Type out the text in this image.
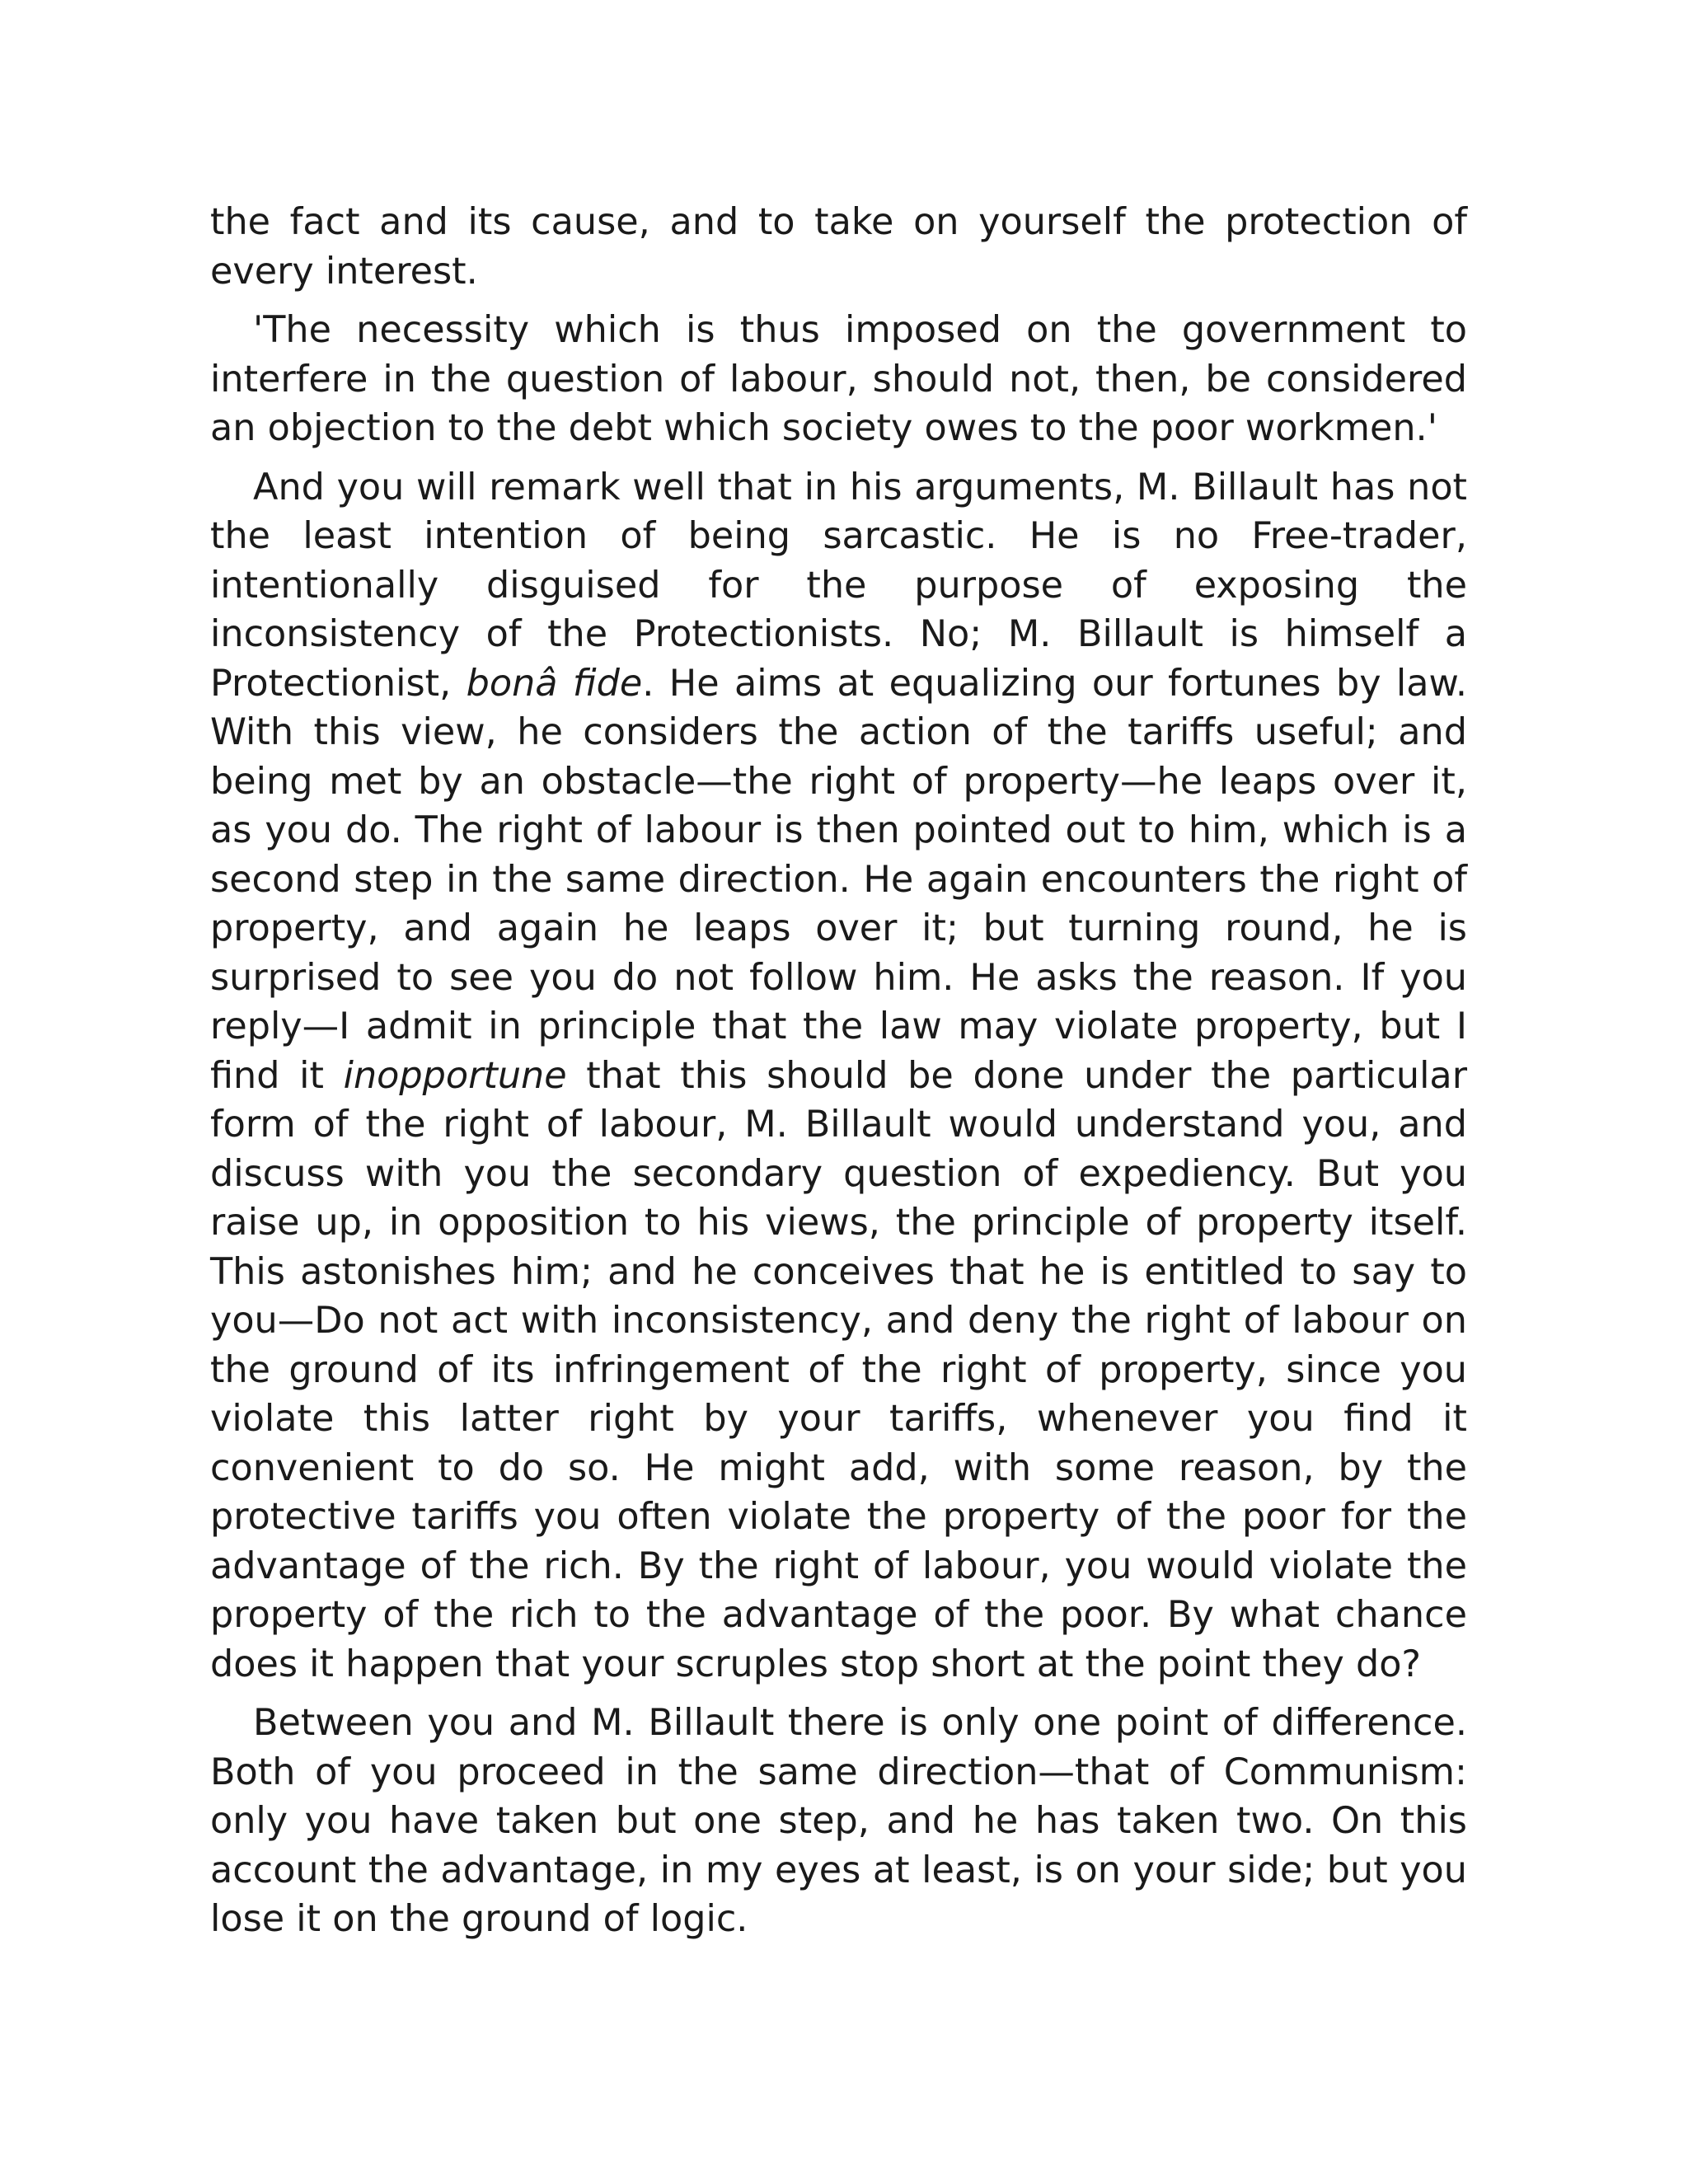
the fact and its cause, and to take on yourself the protection of every interest.

'The necessity which is thus imposed on the government to interfere in the question of labour, should not, then, be considered an objection to the debt which society owes to the poor workmen.'

And you will remark well that in his arguments, M. Billault has not the least intention of being sarcastic. He is no Free-trader, intentionally disguised for the purpose of exposing the inconsistency of the Protectionists. No; M. Billault is himself a Protectionist, bonâ fide. He aims at equalizing our fortunes by law. With this view, he considers the action of the tariffs useful; and being met by an obstacle—the right of property—he leaps over it, as you do. The right of labour is then pointed out to him, which is a second step in the same direction. He again encounters the right of property, and again he leaps over it; but turning round, he is surprised to see you do not follow him. He asks the reason. If you reply—I admit in principle that the law may violate property, but I find it inopportune that this should be done under the particular form of the right of labour, M. Billault would understand you, and discuss with you the secondary question of expediency. But you raise up, in opposition to his views, the principle of property itself. This astonishes him; and he conceives that he is entitled to say to you—Do not act with inconsistency, and deny the right of labour on the ground of its infringement of the right of property, since you violate this latter right by your tariffs, whenever you find it convenient to do so. He might add, with some reason, by the protective tariffs you often violate the property of the poor for the advantage of the rich. By the right of labour, you would violate the property of the rich to the advantage of the poor. By what chance does it happen that your scruples stop short at the point they do?

Between you and M. Billault there is only one point of difference. Both of you proceed in the same direction—that of Communism: only you have taken but one step, and he has taken two. On this account the advantage, in my eyes at least, is on your side; but you lose it on the ground of logic.
